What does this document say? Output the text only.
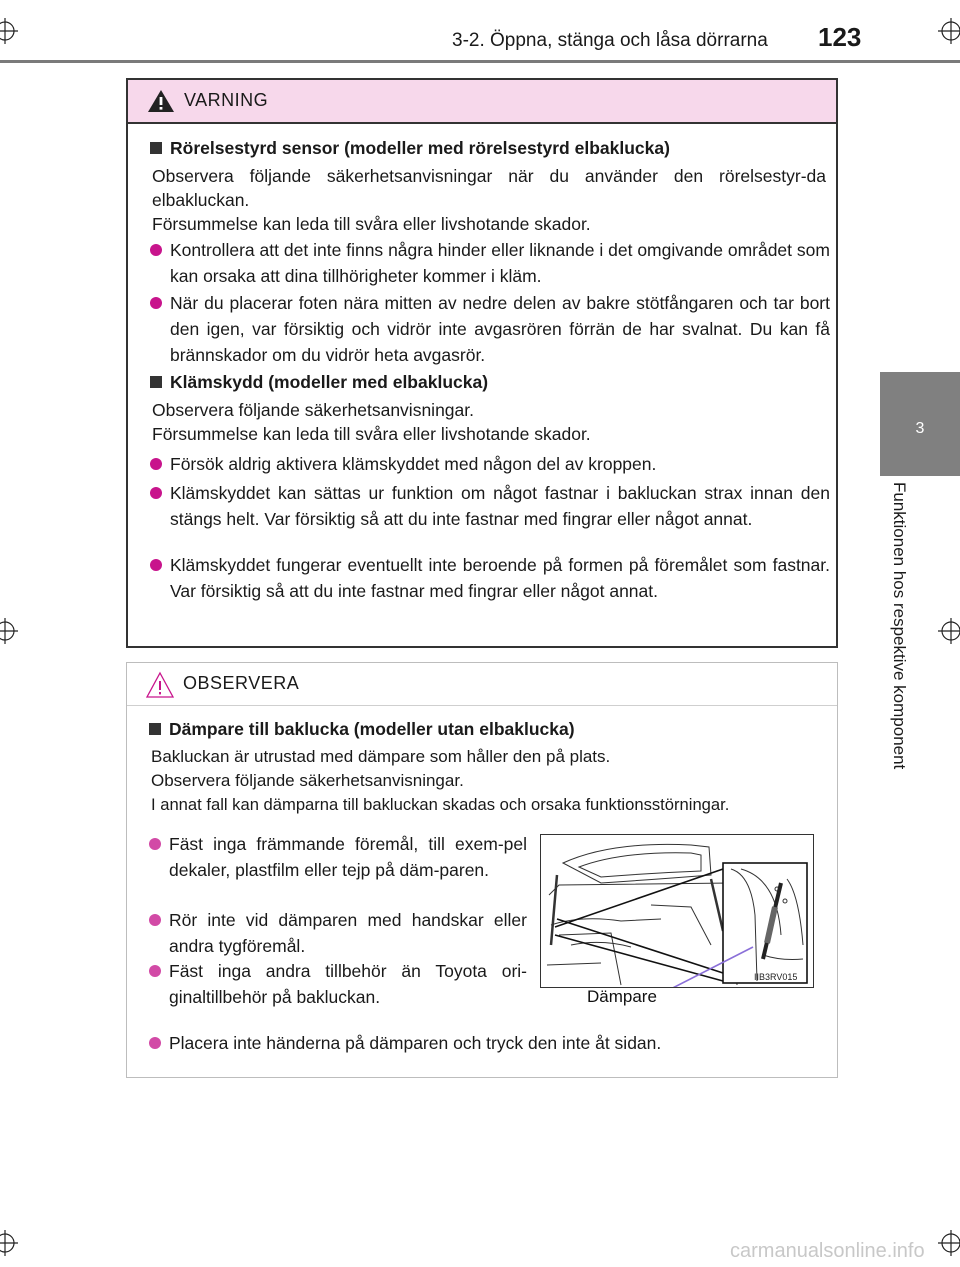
3-2. Öppna, stänga och låsa dörrarna 123
3
Funktionen hos respektive komponent
VARNING
Rörelsestyrd sensor (modeller med rörelsestyrd elbaklucka)
Observera följande säkerhetsanvisningar när du använder den rörelsestyr-da elbakluckan.
Försummelse kan leda till svåra eller livshotande skador.
Kontrollera att det inte finns några hinder eller liknande i det omgivande området som kan orsaka att dina tillhörigheter kommer i kläm.
När du placerar foten nära mitten av nedre delen av bakre stötfångaren och tar bort den igen, var försiktig och vidrör inte avgasrören förrän de har svalnat. Du kan få brännskador om du vidrör heta avgasrör.
Klämskydd (modeller med elbaklucka)
Observera följande säkerhetsanvisningar.
Försummelse kan leda till svåra eller livshotande skador.
Försök aldrig aktivera klämskyddet med någon del av kroppen.
Klämskyddet kan sättas ur funktion om något fastnar i bakluckan strax innan den stängs helt. Var försiktig så att du inte fastnar med fingrar eller något annat.
Klämskyddet fungerar eventuellt inte beroende på formen på föremålet som fastnar. Var försiktig så att du inte fastnar med fingrar eller något annat.
OBSERVERA
Dämpare till baklucka (modeller utan elbaklucka)
Bakluckan är utrustad med dämpare som håller den på plats.
Observera följande säkerhetsanvisningar.
I annat fall kan dämparna till bakluckan skadas och orsaka funktionsstörningar.
Fäst inga främmande föremål, till exem-pel dekaler, plastfilm eller tejp på däm-paren.
Rör inte vid dämparen med handskar eller andra tygföremål.
Fäst inga andra tillbehör än Toyota ori-ginaltillbehör på bakluckan.
Placera inte händerna på dämparen och tryck den inte åt sidan.
Dämpare
IIB3RV015
carmanualsonline.info
